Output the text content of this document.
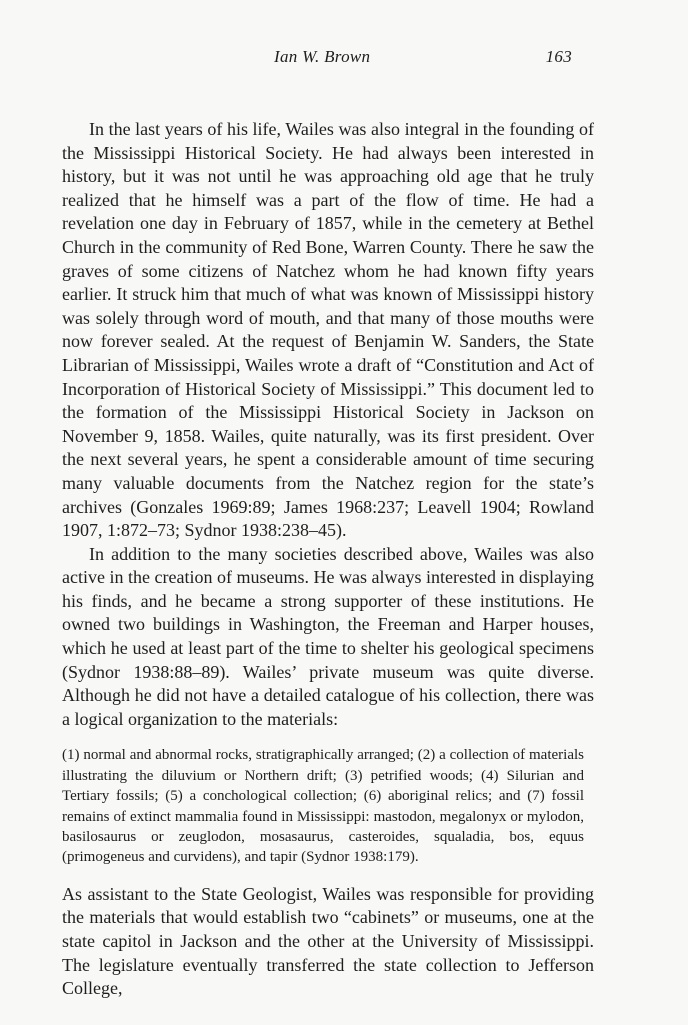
Ian W. Brown	163

In the last years of his life, Wailes was also integral in the founding of the Mississippi Historical Society. He had always been interested in history, but it was not until he was approaching old age that he truly realized that he himself was a part of the flow of time. He had a revelation one day in February of 1857, while in the cemetery at Bethel Church in the community of Red Bone, Warren County. There he saw the graves of some citizens of Natchez whom he had known fifty years earlier. It struck him that much of what was known of Mississippi history was solely through word of mouth, and that many of those mouths were now forever sealed. At the request of Benjamin W. Sanders, the State Librarian of Mississippi, Wailes wrote a draft of “Constitution and Act of Incorporation of Historical Society of Mississippi.” This document led to the formation of the Mississippi Historical Society in Jackson on November 9, 1858. Wailes, quite naturally, was its first president. Over the next several years, he spent a considerable amount of time securing many valuable documents from the Natchez region for the state’s archives (Gonzales 1969:89; James 1968:237; Leavell 1904; Rowland 1907, 1:872–73; Sydnor 1938:238–45).

In addition to the many societies described above, Wailes was also active in the creation of museums. He was always interested in displaying his finds, and he became a strong supporter of these institutions. He owned two buildings in Washington, the Freeman and Harper houses, which he used at least part of the time to shelter his geological specimens (Sydnor 1938:88–89). Wailes’ private museum was quite diverse. Although he did not have a detailed catalogue of his collection, there was a logical organization to the materials:

(1) normal and abnormal rocks, stratigraphically arranged; (2) a collection of materials illustrating the diluvium or Northern drift; (3) petrified woods; (4) Silurian and Tertiary fossils; (5) a conchological collection; (6) aboriginal relics; and (7) fossil remains of extinct mammalia found in Mississippi: mastodon, megalonyx or mylodon, basilosaurus or zeuglodon, mosasaurus, casteroides, squaladia, bos, equus (primogeneus and curvidens), and tapir (Sydnor 1938:179).

As assistant to the State Geologist, Wailes was responsible for providing the materials that would establish two “cabinets” or museums, one at the state capitol in Jackson and the other at the University of Mississippi. The legislature eventually transferred the state collection to Jefferson College,
